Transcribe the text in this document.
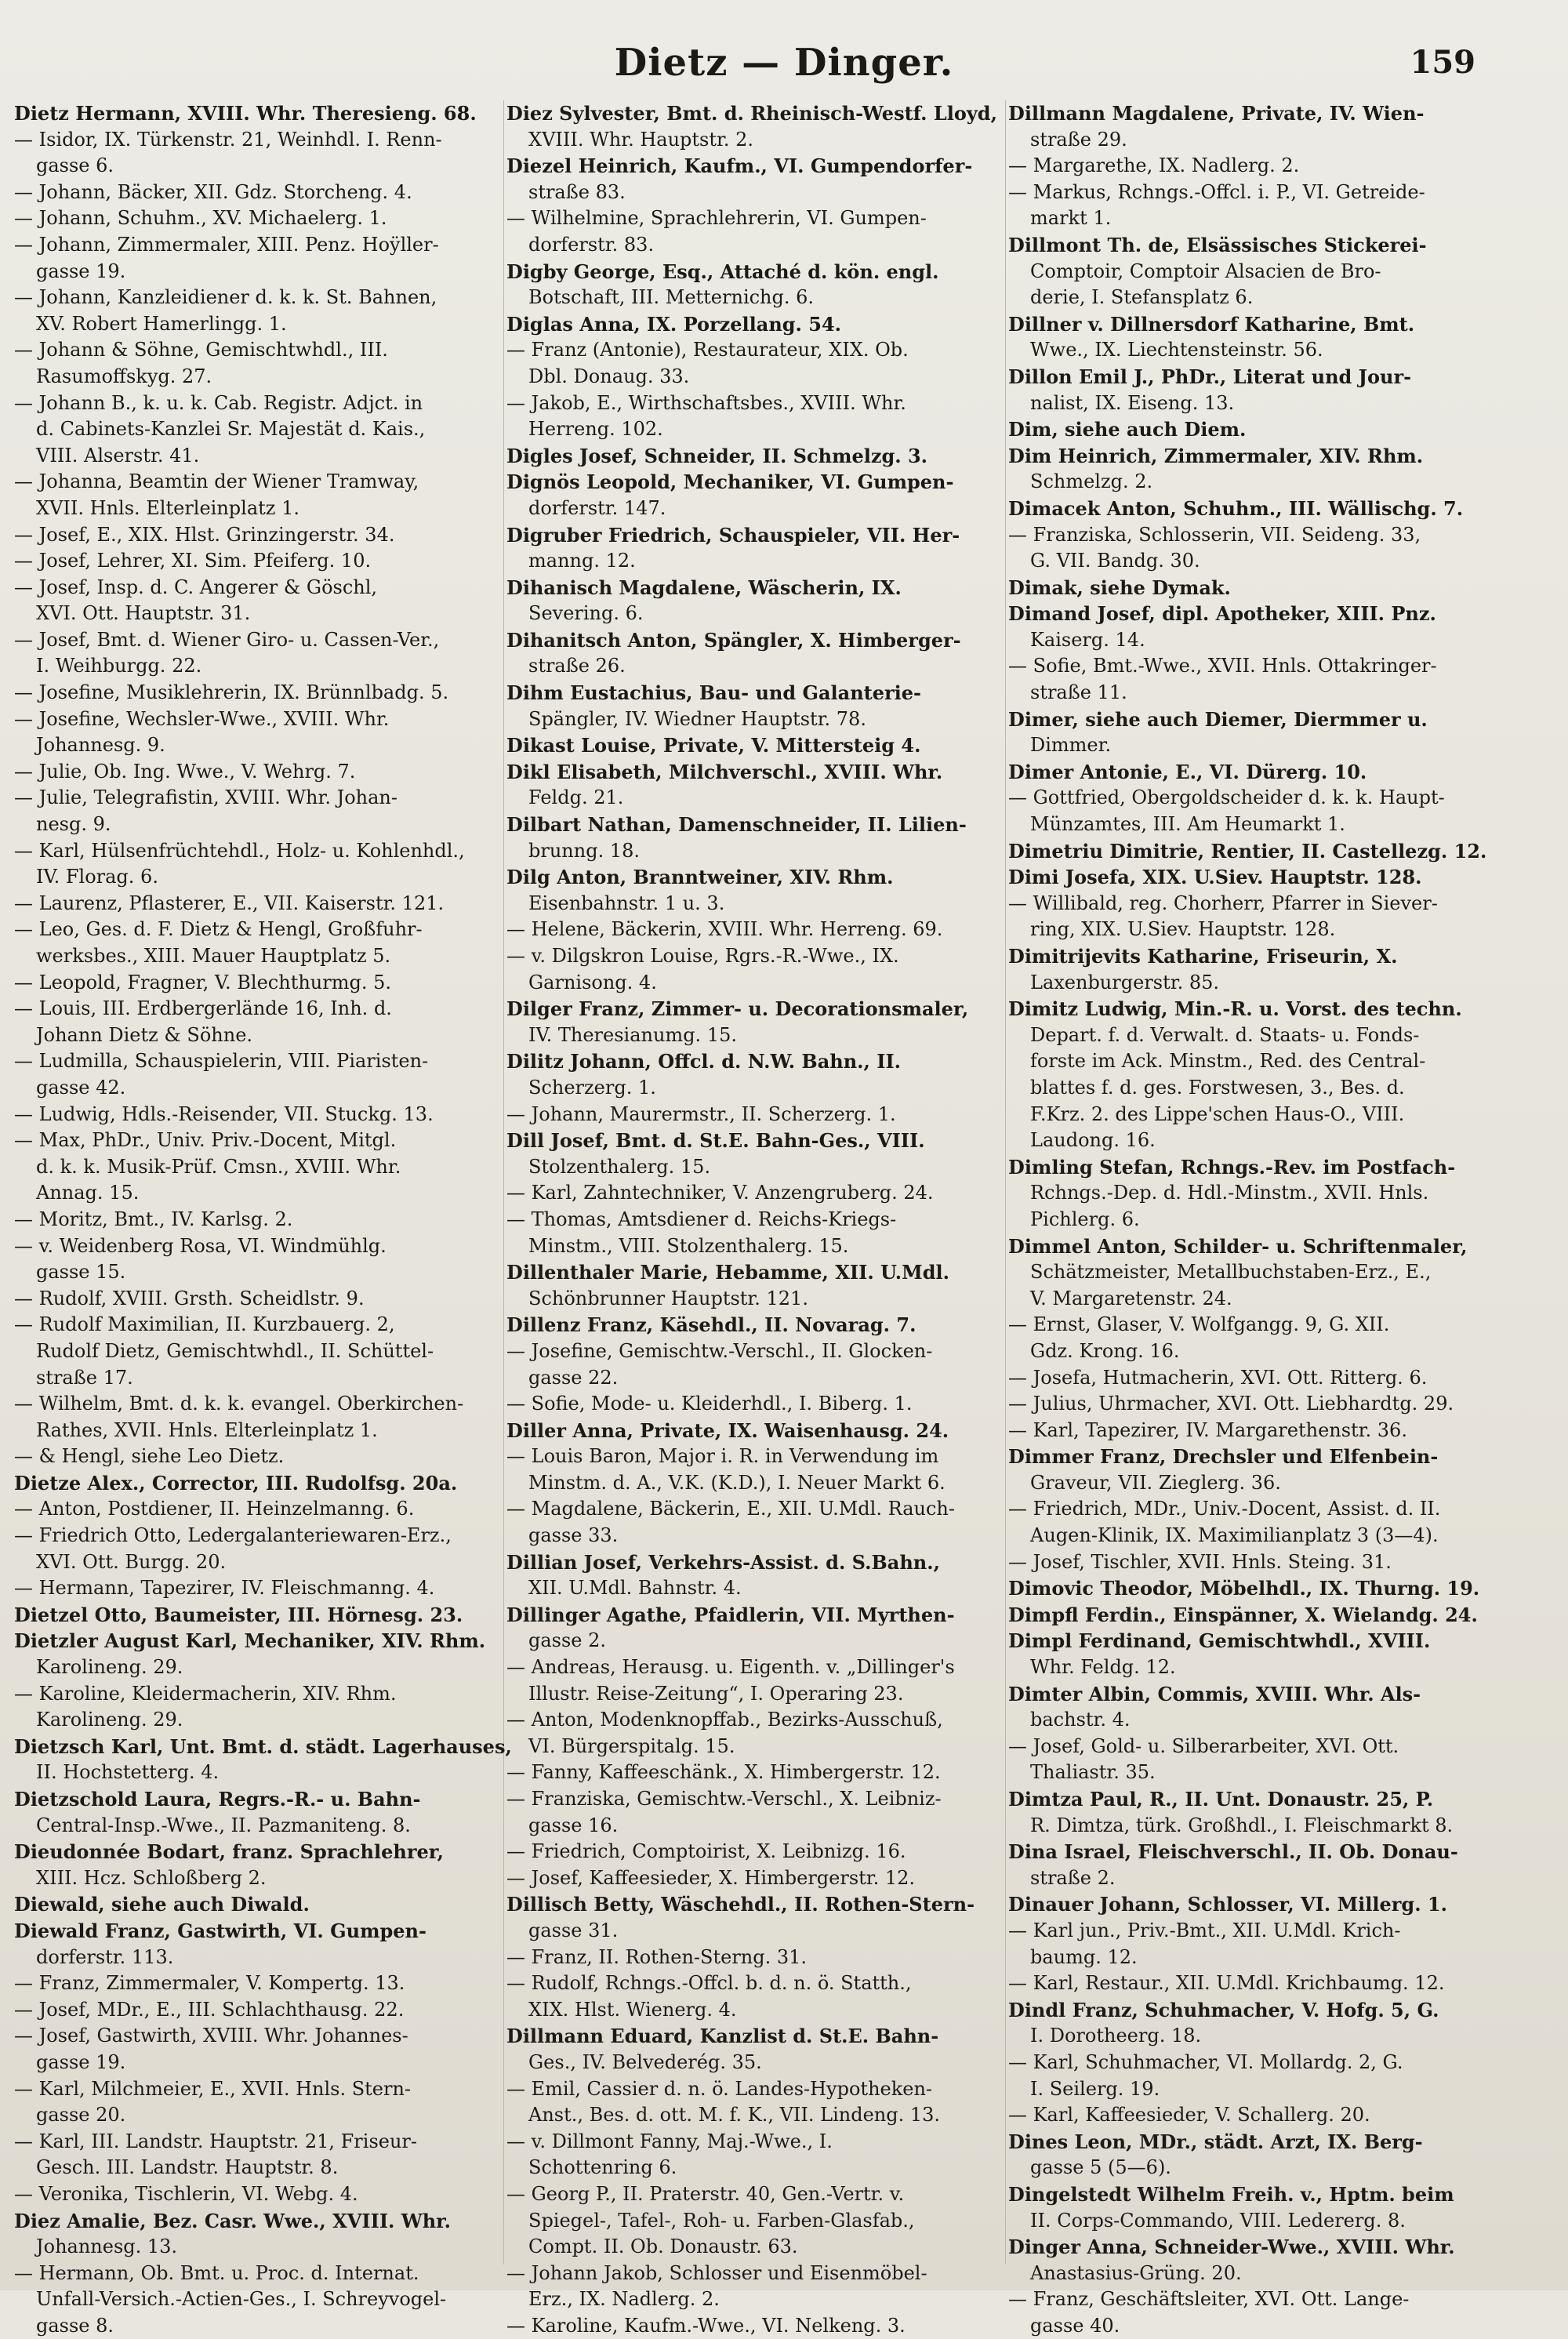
Dietz — Dinger.	159
Dietz Hermann, XVIII. Whr. Theresieng. 68.
— Isidor, IX. Türkenstr. 21, Weinhdl. I. Renn-
gasse 6.
— Johann, Bäcker, XII. Gdz. Storcheng. 4.
— Johann, Schuhm., XV. Michaelerg. 1.
— Johann, Zimmermaler, XIII. Penz. Hoÿller-
gasse 19.
— Johann, Kanzleidiener d. k. k. St. Bahnen,
XV. Robert Hamerlingg. 1.
— Johann & Söhne, Gemischtwhdl., III.
Rasumoffskyg. 27.
— Johann B., k. u. k. Cab. Registr. Adjct. in
d. Cabinets-Kanzlei Sr. Majestät d. Kais.,
VIII. Alserstr. 41.
— Johanna, Beamtin der Wiener Tramway,
XVII. Hnls. Elterleinplatz 1.
— Josef, E., XIX. Hlst. Grinzingerstr. 34.
— Josef, Lehrer, XI. Sim. Pfeiferg. 10.
— Josef, Insp. d. C. Angerer & Göschl,
XVI. Ott. Hauptstr. 31.
— Josef, Bmt. d. Wiener Giro- u. Cassen-Ver.,
I. Weihburgg. 22.
— Josefine, Musiklehrerin, IX. Brünnlbadg. 5.
— Josefine, Wechsler-Wwe., XVIII. Whr.
Johannesg. 9.
— Julie, Ob. Ing. Wwe., V. Wehrg. 7.
— Julie, Telegrafistin, XVIII. Whr. Johan-
nesg. 9.
— Karl, Hülsenfrüchtehdl., Holz- u. Kohlenhdl.,
IV. Florag. 6.
— Laurenz, Pflasterer, E., VII. Kaiserstr. 121.
— Leo, Ges. d. F. Dietz & Hengl, Großfuhr-
werksbes., XIII. Mauer Hauptplatz 5.
— Leopold, Fragner, V. Blechthurmg. 5.
— Louis, III. Erdbergerlände 16, Inh. d.
Johann Dietz & Söhne.
— Ludmilla, Schauspielerin, VIII. Piaristen-
gasse 42.
— Ludwig, Hdls.-Reisender, VII. Stuckg. 13.
— Max, PhDr., Univ. Priv.-Docent, Mitgl.
d. k. k. Musik-Prüf. Cmsn., XVIII. Whr.
Annag. 15.
— Moritz, Bmt., IV. Karlsg. 2.
— v. Weidenberg Rosa, VI. Windmühlg.
gasse 15.
— Rudolf, XVIII. Grsth. Scheidlstr. 9.
— Rudolf Maximilian, II. Kurzbauerg. 2,
Rudolf Dietz, Gemischtwhdl., II. Schüttel-
straße 17.
— Wilhelm, Bmt. d. k. k. evangel. Oberkirchen-
Rathes, XVII. Hnls. Elterleinplatz 1.
— & Hengl, siehe Leo Dietz.
Dietze Alex., Corrector, III. Rudolfsg. 20a.
— Anton, Postdiener, II. Heinzelmanng. 6.
— Friedrich Otto, Ledergalanteriewaren-Erz.,
XVI. Ott. Burgg. 20.
— Hermann, Tapezirer, IV. Fleischmanng. 4.
Dietzel Otto, Baumeister, III. Hörnesg. 23.
Dietzler August Karl, Mechaniker, XIV. Rhm.
Karolineng. 29.
— Karoline, Kleidermacherin, XIV. Rhm.
Karolineng. 29.
Dietzsch Karl, Unt. Bmt. d. städt. Lagerhauses,
II. Hochstetterg. 4.
Dietzschold Laura, Regrs.-R.- u. Bahn-
Central-Insp.-Wwe., II. Pazmaniteng. 8.
Dieudonnée Bodart, franz. Sprachlehrer,
XIII. Hcz. Schloßberg 2.
Diewald, siehe auch Diwald.
Diewald Franz, Gastwirth, VI. Gumpen-
dorferstr. 113.
— Franz, Zimmermaler, V. Kompertg. 13.
— Josef, MDr., E., III. Schlachthausg. 22.
— Josef, Gastwirth, XVIII. Whr. Johannes-
gasse 19.
— Karl, Milchmeier, E., XVII. Hnls. Stern-
gasse 20.
— Karl, III. Landstr. Hauptstr. 21, Friseur-
Gesch. III. Landstr. Hauptstr. 8.
— Veronika, Tischlerin, VI. Webg. 4.
Diez Amalie, Bez. Casr. Wwe., XVIII. Whr.
Johannesg. 13.
— Hermann, Ob. Bmt. u. Proc. d. Internat.
Unfall-Versich.-Actien-Ges., I. Schreyvogel-
gasse 8.
Diez Sylvester, Bmt. d. Rheinisch-Westf. Lloyd,
XVIII. Whr. Hauptstr. 2.
Diezel Heinrich, Kaufm., VI. Gumpendorfer-
straße 83.
— Wilhelmine, Sprachlehrerin, VI. Gumpen-
dorferstr. 83.
Digby George, Esq., Attaché d. kön. engl.
Botschaft, III. Metternichg. 6.
Diglas Anna, IX. Porzellang. 54.
— Franz (Antonie), Restaurateur, XIX. Ob.
Dbl. Donaug. 33.
— Jakob, E., Wirthschaftsbes., XVIII. Whr.
Herreng. 102.
Digles Josef, Schneider, II. Schmelzg. 3.
Dignös Leopold, Mechaniker, VI. Gumpen-
dorferstr. 147.
Digruber Friedrich, Schauspieler, VII. Her-
manng. 12.
Dihanisch Magdalene, Wäscherin, IX.
Severing. 6.
Dihanitsch Anton, Spängler, X. Himberger-
straße 26.
Dihm Eustachius, Bau- und Galanterie-
Spängler, IV. Wiedner Hauptstr. 78.
Dikast Louise, Private, V. Mittersteig 4.
Dikl Elisabeth, Milchverschl., XVIII. Whr.
Feldg. 21.
Dilbart Nathan, Damenschneider, II. Lilien-
brunng. 18.
Dilg Anton, Branntweiner, XIV. Rhm.
Eisenbahnstr. 1 u. 3.
— Helene, Bäckerin, XVIII. Whr. Herreng. 69.
— v. Dilgskron Louise, Rgrs.-R.-Wwe., IX.
Garnisong. 4.
Dilger Franz, Zimmer- u. Decorationsmaler,
IV. Theresianumg. 15.
Dilitz Johann, Offcl. d. N.W. Bahn., II.
Scherzerg. 1.
— Johann, Maurermstr., II. Scherzerg. 1.
Dill Josef, Bmt. d. St.E. Bahn-Ges., VIII.
Stolzenthalerg. 15.
— Karl, Zahntechniker, V. Anzengruberg. 24.
— Thomas, Amtsdiener d. Reichs-Kriegs-
Minstm., VIII. Stolzenthalerg. 15.
Dillenthaler Marie, Hebamme, XII. U.Mdl.
Schönbrunner Hauptstr. 121.
Dillenz Franz, Käsehdl., II. Novarag. 7.
— Josefine, Gemischtw.-Verschl., II. Glocken-
gasse 22.
— Sofie, Mode- u. Kleiderhdl., I. Biberg. 1.
Diller Anna, Private, IX. Waisenhausg. 24.
— Louis Baron, Major i. R. in Verwendung im
Minstm. d. A., V.K. (K.D.), I. Neuer Markt 6.
— Magdalene, Bäckerin, E., XII. U.Mdl. Rauch-
gasse 33.
Dillian Josef, Verkehrs-Assist. d. S.Bahn.,
XII. U.Mdl. Bahnstr. 4.
Dillinger Agathe, Pfaidlerin, VII. Myrthen-
gasse 2.
— Andreas, Herausg. u. Eigenth. v. „Dillinger's
Illustr. Reise-Zeitung“, I. Operaring 23.
— Anton, Modenknopffab., Bezirks-Ausschuß,
VI. Bürgerspitalg. 15.
— Fanny, Kaffeeschänk., X. Himbergerstr. 12.
— Franziska, Gemischtw.-Verschl., X. Leibniz-
gasse 16.
— Friedrich, Comptoirist, X. Leibnizg. 16.
— Josef, Kaffeesieder, X. Himbergerstr. 12.
Dillisch Betty, Wäschehdl., II. Rothen-Stern-
gasse 31.
— Franz, II. Rothen-Sterng. 31.
— Rudolf, Rchngs.-Offcl. b. d. n. ö. Statth.,
XIX. Hlst. Wienerg. 4.
Dillmann Eduard, Kanzlist d. St.E. Bahn-
Ges., IV. Belvederég. 35.
— Emil, Cassier d. n. ö. Landes-Hypotheken-
Anst., Bes. d. ott. M. f. K., VII. Lindeng. 13.
— v. Dillmont Fanny, Maj.-Wwe., I.
Schottenring 6.
— Georg P., II. Praterstr. 40, Gen.-Vertr. v.
Spiegel-, Tafel-, Roh- u. Farben-Glasfab.,
Compt. II. Ob. Donaustr. 63.
— Johann Jakob, Schlosser und Eisenmöbel-
Erz., IX. Nadlerg. 2.
— Karoline, Kaufm.-Wwe., VI. Nelkeng. 3.
Dillmann Magdalene, Private, IV. Wien-
straße 29.
— Margarethe, IX. Nadlerg. 2.
— Markus, Rchngs.-Offcl. i. P., VI. Getreide-
markt 1.
Dillmont Th. de, Elsässisches Stickerei-
Comptoir, Comptoir Alsacien de Bro-
derie, I. Stefansplatz 6.
Dillner v. Dillnersdorf Katharine, Bmt.
Wwe., IX. Liechtensteinstr. 56.
Dillon Emil J., PhDr., Literat und Jour-
nalist, IX. Eiseng. 13.
Dim, siehe auch Diem.
Dim Heinrich, Zimmermaler, XIV. Rhm.
Schmelzg. 2.
Dimacek Anton, Schuhm., III. Wällischg. 7.
— Franziska, Schlosserin, VII. Seideng. 33,
G. VII. Bandg. 30.
Dimak, siehe Dymak.
Dimand Josef, dipl. Apotheker, XIII. Pnz.
Kaiserg. 14.
— Sofie, Bmt.-Wwe., XVII. Hnls. Ottakringer-
straße 11.
Dimer, siehe auch Diemer, Diermmer u.
Dimmer.
Dimer Antonie, E., VI. Dürerg. 10.
— Gottfried, Obergoldscheider d. k. k. Haupt-
Münzamtes, III. Am Heumarkt 1.
Dimetriu Dimitrie, Rentier, II. Castellezg. 12.
Dimi Josefa, XIX. U.Siev. Hauptstr. 128.
— Willibald, reg. Chorherr, Pfarrer in Siever-
ring, XIX. U.Siev. Hauptstr. 128.
Dimitrijevits Katharine, Friseurin, X.
Laxenburgerstr. 85.
Dimitz Ludwig, Min.-R. u. Vorst. des techn.
Depart. f. d. Verwalt. d. Staats- u. Fonds-
forste im Ack. Minstm., Red. des Central-
blattes f. d. ges. Forstwesen, 3., Bes. d.
F.Krz. 2. des Lippe'schen Haus-O., VIII.
Laudong. 16.
Dimling Stefan, Rchngs.-Rev. im Postfach-
Rchngs.-Dep. d. Hdl.-Minstm., XVII. Hnls.
Pichlerg. 6.
Dimmel Anton, Schilder- u. Schriftenmaler,
Schätzmeister, Metallbuchstaben-Erz., E.,
V. Margaretenstr. 24.
— Ernst, Glaser, V. Wolfgangg. 9, G. XII.
Gdz. Krong. 16.
— Josefa, Hutmacherin, XVI. Ott. Ritterg. 6.
— Julius, Uhrmacher, XVI. Ott. Liebhardtg. 29.
— Karl, Tapezirer, IV. Margarethenstr. 36.
Dimmer Franz, Drechsler und Elfenbein-
Graveur, VII. Zieglerg. 36.
— Friedrich, MDr., Univ.-Docent, Assist. d. II.
Augen-Klinik, IX. Maximilianplatz 3 (3—4).
— Josef, Tischler, XVII. Hnls. Steing. 31.
Dimovic Theodor, Möbelhdl., IX. Thurng. 19.
Dimpfl Ferdin., Einspänner, X. Wielandg. 24.
Dimpl Ferdinand, Gemischtwhdl., XVIII.
Whr. Feldg. 12.
Dimter Albin, Commis, XVIII. Whr. Als-
bachstr. 4.
— Josef, Gold- u. Silberarbeiter, XVI. Ott.
Thaliastr. 35.
Dimtza Paul, R., II. Unt. Donaustr. 25, P.
R. Dimtza, türk. Großhdl., I. Fleischmarkt 8.
Dina Israel, Fleischverschl., II. Ob. Donau-
straße 2.
Dinauer Johann, Schlosser, VI. Millerg. 1.
— Karl jun., Priv.-Bmt., XII. U.Mdl. Krich-
baumg. 12.
— Karl, Restaur., XII. U.Mdl. Krichbaumg. 12.
Dindl Franz, Schuhmacher, V. Hofg. 5, G.
I. Dorotheerg. 18.
— Karl, Schuhmacher, VI. Mollardg. 2, G.
I. Seilerg. 19.
— Karl, Kaffeesieder, V. Schallerg. 20.
Dines Leon, MDr., städt. Arzt, IX. Berg-
gasse 5 (5—6).
Dingelstedt Wilhelm Freih. v., Hptm. beim
II. Corps-Commando, VIII. Ledererg. 8.
Dinger Anna, Schneider-Wwe., XVIII. Whr.
Anastasius-Grüng. 20.
— Franz, Geschäftsleiter, XVI. Ott. Lange-
gasse 40.
